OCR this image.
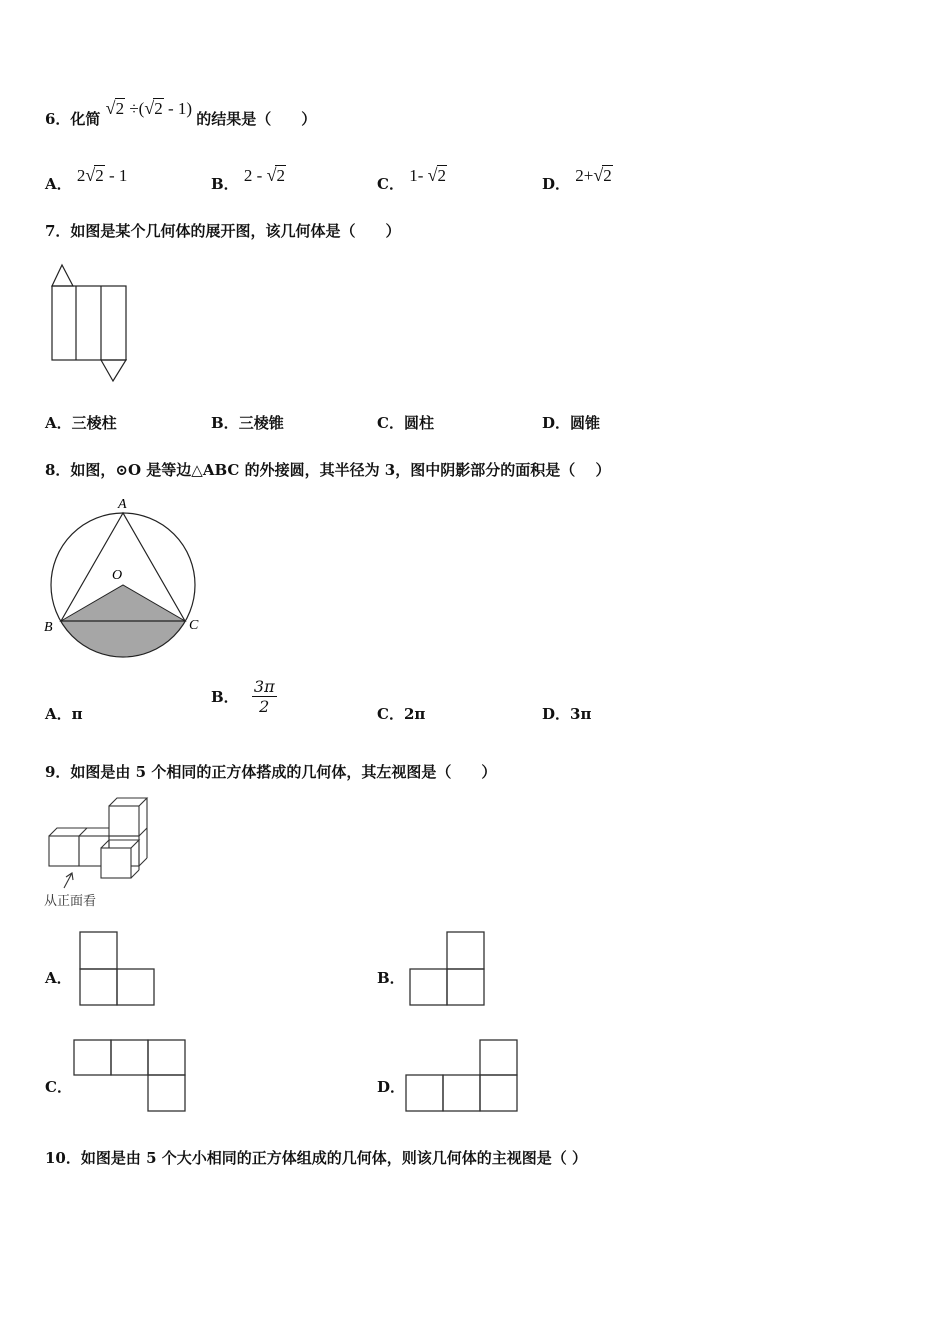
6．化简 √2 ÷(√2 - 1) 的结果是（　　）
A． 2√2 - 1	B． 2 - √2	C． 1- √2	D． 2+√2
7．如图是某个几何体的展开图，该几何体是（　　）
A．三棱柱	B．三棱锥	C．圆柱	D．圆锥
8．如图，⊙O 是等边△ABC 的外接圆，其半径为 3，图中阴影部分的面积是（　 ）
A
O
B	C
A．π
B． $\frac{3\pi}{2}$	C．2π	D．3π
9．如图是由 5 个相同的正方体搭成的几何体，其左视图是（　　）
从正面看
A．	B．
C．	D．
10．如图是由 5 个大小相同的正方体组成的几何体，则该几何体的主视图是（ ）
